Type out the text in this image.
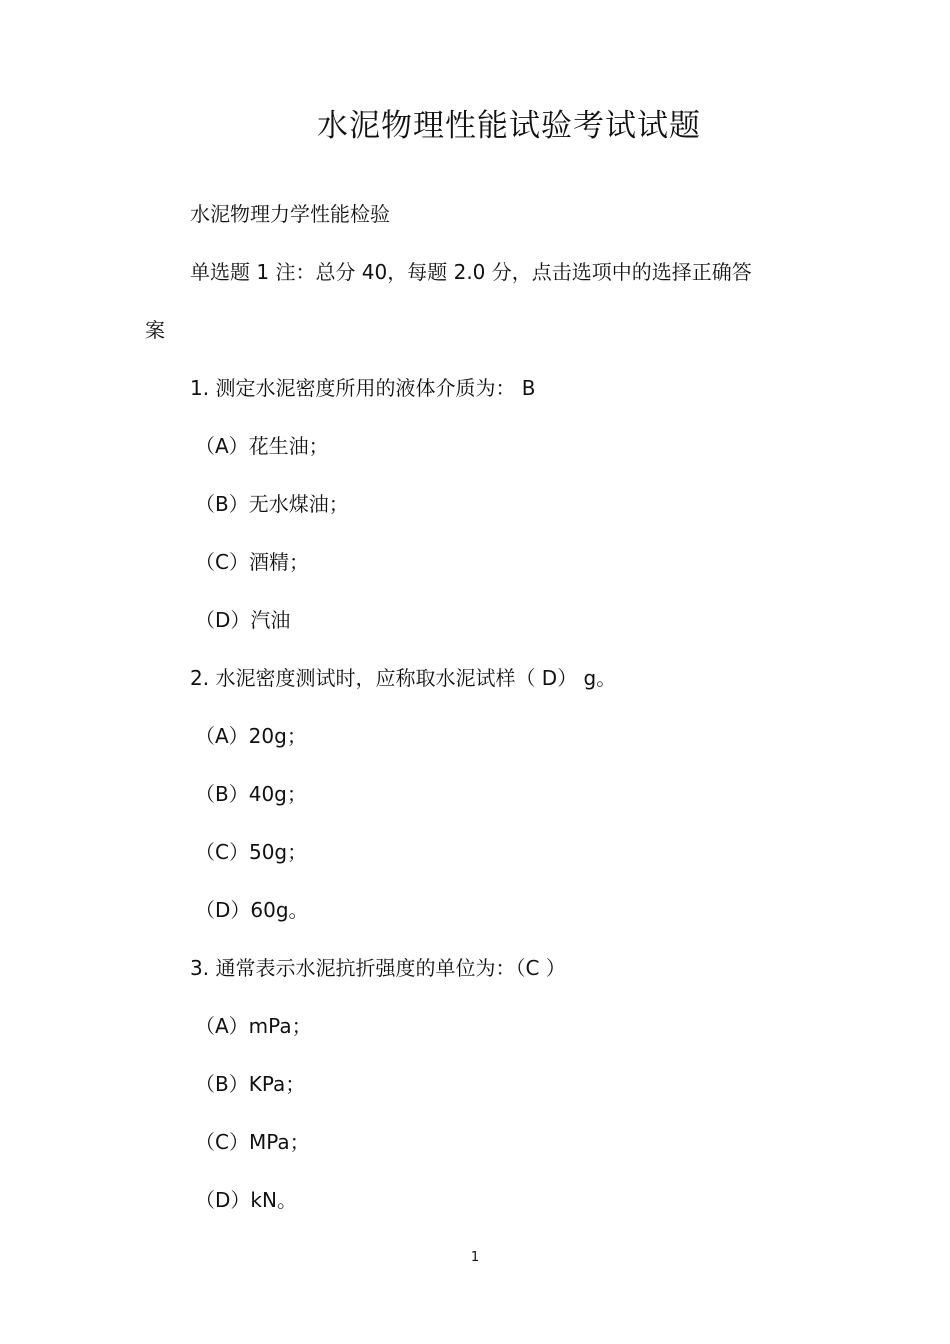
水泥物理性能试验考试试题
水泥物理力学性能检验
单选题 1 注：总分 40，每题 2.0 分，点击选项中的选择正确答
案
1. 测定水泥密度所用的液体介质为： B
（A）花生油；
（B）无水煤油；
（C）酒精；
（D）汽油
2. 水泥密度测试时，应称取水泥试样（ D） g。
（A）20g；
（B）40g；
（C）50g；
（D）60g。
3. 通常表示水泥抗折强度的单位为：（C ）
（A）mPa；
（B）KPa；
（C）MPa；
（D）kN。
1
